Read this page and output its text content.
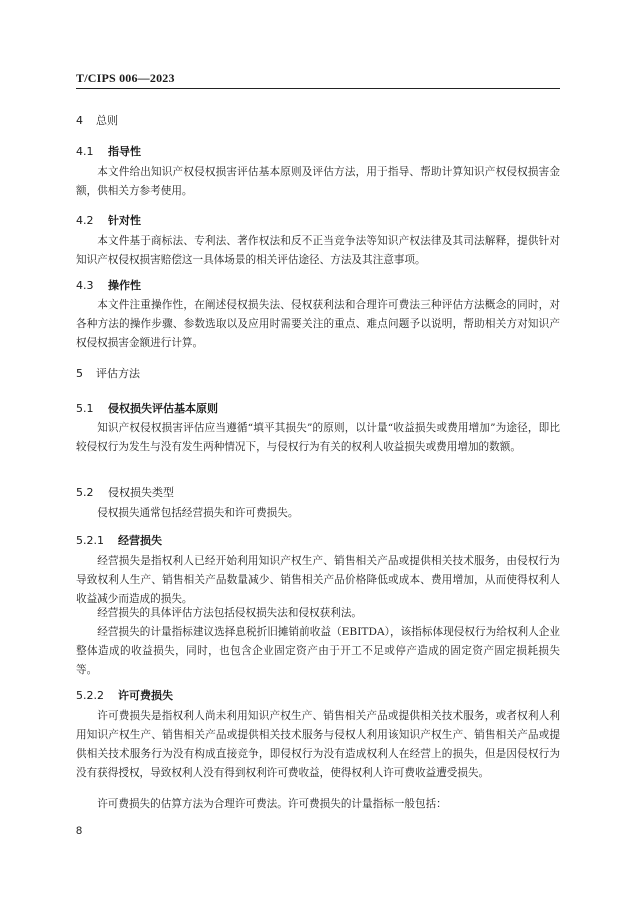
T/CIPS 006—2023
4 总则
4.1 指导性
本文件给出知识产权侵权损害评估基本原则及评估方法，用于指导、帮助计算知识产权侵权损害金额，供相关方参考使用。
4.2 针对性
本文件基于商标法、专利法、著作权法和反不正当竞争法等知识产权法律及其司法解释，提供针对知识产权侵权损害赔偿这一具体场景的相关评估途径、方法及其注意事项。
4.3 操作性
本文件注重操作性，在阐述侵权损失法、侵权获利法和合理许可费法三种评估方法概念的同时，对各种方法的操作步骤、参数选取以及应用时需要关注的重点、难点问题予以说明，帮助相关方对知识产权侵权损害金额进行计算。
5 评估方法
5.1 侵权损失评估基本原则
知识产权侵权损害评估应当遵循“填平其损失”的原则，以计量“收益损失或费用增加”为途径，即比较侵权行为发生与没有发生两种情况下，与侵权行为有关的权利人收益损失或费用增加的数额。
5.2 侵权损失类型
侵权损失通常包括经营损失和许可费损失。
5.2.1 经营损失
经营损失是指权利人已经开始利用知识产权生产、销售相关产品或提供相关技术服务，由侵权行为导致权利人生产、销售相关产品数量减少、销售相关产品价格降低或成本、费用增加，从而使得权利人收益减少而造成的损失。
经营损失的具体评估方法包括侵权损失法和侵权获利法。
经营损失的计量指标建议选择息税折旧摊销前收益（EBITDA），该指标体现侵权行为给权利人企业整体造成的收益损失，同时，也包含企业固定资产由于开工不足或停产造成的固定资产固定损耗损失等。
5.2.2 许可费损失
许可费损失是指权利人尚未利用知识产权生产、销售相关产品或提供相关技术服务，或者权利人利用知识产权生产、销售相关产品或提供相关技术服务与侵权人利用该知识产权生产、销售相关产品或提供相关技术服务行为没有构成直接竞争，即侵权行为没有造成权利人在经营上的损失，但是因侵权行为没有获得授权，导致权利人没有得到权利许可费收益，使得权利人许可费收益遭受损失。
许可费损失的估算方法为合理许可费法。许可费损失的计量指标一般包括：
8
